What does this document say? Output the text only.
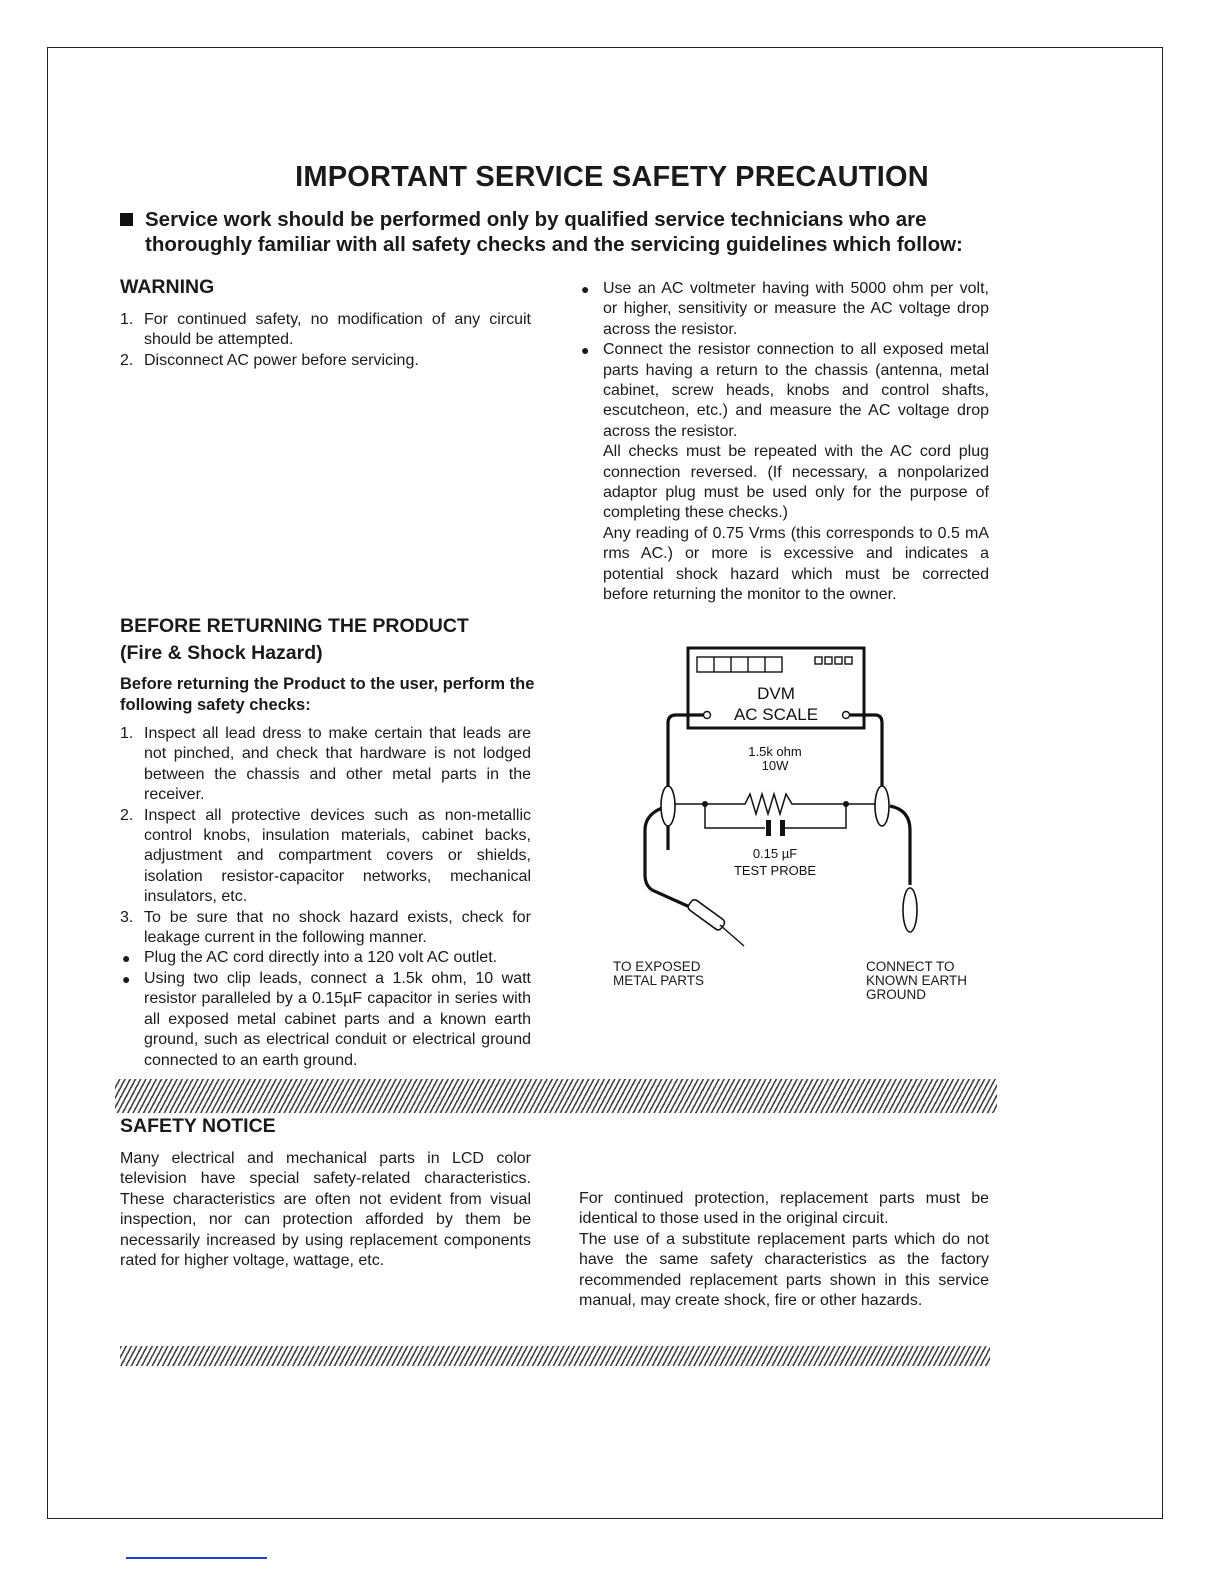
IMPORTANT SERVICE SAFETY PRECAUTION
Service work should be performed only by qualified service technicians who are thoroughly familiar with all safety checks and the servicing guidelines which follow:
WARNING
1. For continued safety, no modification of any circuit should be attempted.
2. Disconnect AC power before servicing.
● Use an AC voltmeter having with 5000 ohm per volt, or higher, sensitivity or measure the AC voltage drop across the resistor.
● Connect the resistor connection to all exposed metal parts having a return to the chassis (antenna, metal cabinet, screw heads, knobs and control shafts, escutcheon, etc.) and measure the AC voltage drop across the resistor.
All checks must be repeated with the AC cord plug connection reversed. (If necessary, a nonpolarized adaptor plug must be used only for the purpose of completing these checks.)
Any reading of 0.75 Vrms (this corresponds to 0.5 mA rms AC.) or more is excessive and indicates a potential shock hazard which must be corrected before returning the monitor to the owner.
BEFORE RETURNING THE PRODUCT
(Fire & Shock Hazard)
Before returning the Product to the user, perform the following safety checks:
1. Inspect all lead dress to make certain that leads are not pinched, and check that hardware is not lodged between the chassis and other metal parts in the receiver.
2. Inspect all protective devices such as non-metallic control knobs, insulation materials, cabinet backs, adjustment and compartment covers or shields, isolation resistor-capacitor networks, mechanical insulators, etc.
3. To be sure that no shock hazard exists, check for leakage current in the following manner.
● Plug the AC cord directly into a 120 volt AC outlet.
● Using two clip leads, connect a 1.5k ohm, 10 watt resistor paralleled by a 0.15µF capacitor in series with all exposed metal cabinet parts and a known earth ground, such as electrical conduit or electrical ground connected to an earth ground.
DVM
AC SCALE
1.5k ohm
10W
0.15 µF
TEST PROBE
TO EXPOSED
METAL PARTS
CONNECT TO
KNOWN EARTH
GROUND
SAFETY NOTICE
Many electrical and mechanical parts in LCD color television have special safety-related characteristics. These characteristics are often not evident from visual inspection, nor can protection afforded by them be necessarily increased by using replacement components rated for higher voltage, wattage, etc.
For continued protection, replacement parts must be identical to those used in the original circuit.
The use of a substitute replacement parts which do not have the same safety characteristics as the factory recommended replacement parts shown in this service manual, may create shock, fire or other hazards.
